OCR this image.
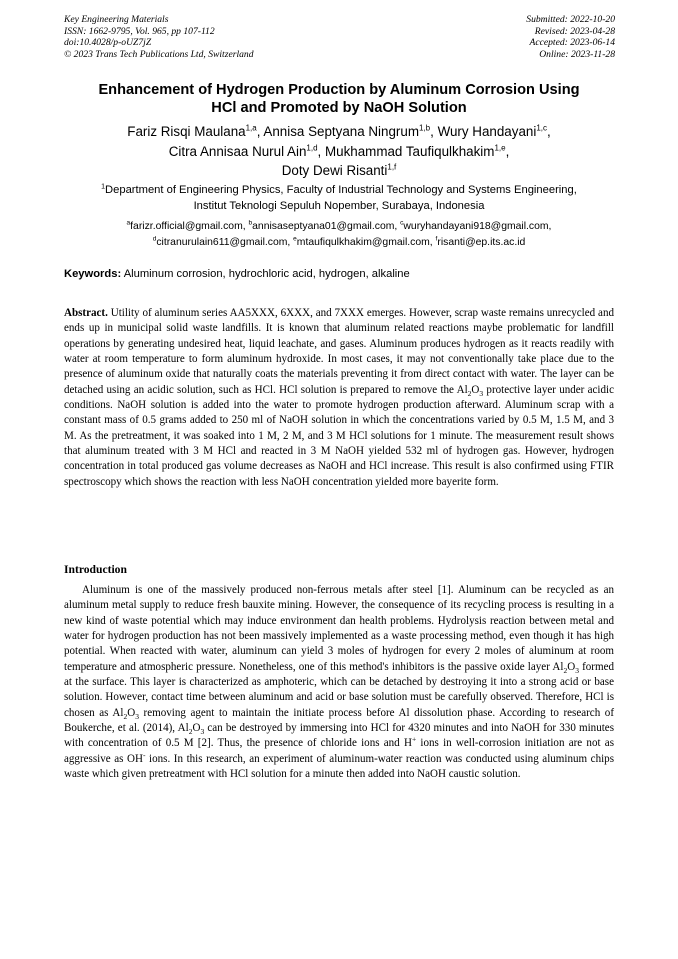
Key Engineering Materials
ISSN: 1662-9795, Vol. 965, pp 107-112
doi:10.4028/p-oUZ7jZ
© 2023 Trans Tech Publications Ltd, Switzerland
Submitted: 2022-10-20
Revised: 2023-04-28
Accepted: 2023-06-14
Online: 2023-11-28
Enhancement of Hydrogen Production by Aluminum Corrosion Using
HCl and Promoted by NaOH Solution
Fariz Risqi Maulana$^{1,a}$, Annisa Septyana Ningrum$^{1,b}$, Wury Handayani$^{1,c}$,
Citra Annisaa Nurul Ain$^{1,d}$, Mukhammad Taufiqulkhakim$^{1,e}$,
Doty Dewi Risanti$^{1,f}$
$^1$Department of Engineering Physics, Faculty of Industrial Technology and Systems Engineering,
Institut Teknologi Sepuluh Nopember, Surabaya, Indonesia
$^a$farizr.official@gmail.com, $^b$annisaseptyana01@gmail.com, $^c$wuryhandayani918@gmail.com,
$^d$citranurulain611@gmail.com, $^e$mtaufiqulkhakim@gmail.com, $^f$risanti@ep.its.ac.id
Keywords: Aluminum corrosion, hydrochloric acid, hydrogen, alkaline
Abstract. Utility of aluminum series AA5XXX, 6XXX, and 7XXX emerges. However, scrap waste remains unrecycled and ends up in municipal solid waste landfills. It is known that aluminum related reactions maybe problematic for landfill operations by generating undesired heat, liquid leachate, and gases. Aluminum produces hydrogen as it reacts readily with water at room temperature to form aluminum hydroxide. In most cases, it may not conventionally take place due to the presence of aluminum oxide that naturally coats the materials preventing it from direct contact with water. The layer can be detached using an acidic solution, such as HCl. HCl solution is prepared to remove the $Al_2O_3$ protective layer under acidic conditions. NaOH solution is added into the water to promote hydrogen production afterward. Aluminum scrap with a constant mass of 0.5 grams added to 250 ml of NaOH solution in which the concentrations varied by 0.5 M, 1.5 M, and 3 M. As the pretreatment, it was soaked into 1 M, 2 M, and 3 M HCl solutions for 1 minute. The measurement result shows that aluminum treated with 3 M HCl and reacted in 3 M NaOH yielded 532 ml of hydrogen gas. However, hydrogen concentration in total produced gas volume decreases as NaOH and HCl increase. This result is also confirmed using FTIR spectroscopy which shows the reaction with less NaOH concentration yielded more bayerite form.
Introduction
Aluminum is one of the massively produced non-ferrous metals after steel [1]. Aluminum can be recycled as an aluminum metal supply to reduce fresh bauxite mining. However, the consequence of its recycling process is resulting in a new kind of waste potential which may induce environment dan health problems. Hydrolysis reaction between metal and water for hydrogen production has not been massively implemented as a waste processing method, even though it has high potential. When reacted with water, aluminum can yield 3 moles of hydrogen for every 2 moles of aluminum at room temperature and atmospheric pressure. Nonetheless, one of this method's inhibitors is the passive oxide layer $Al_2O_3$ formed at the surface. This layer is characterized as amphoteric, which can be detached by destroying it into a strong acid or base solution. However, contact time between aluminum and acid or base solution must be carefully observed. Therefore, HCl is chosen as $Al_2O_3$ removing agent to maintain the initiate process before Al dissolution phase. According to research of Boukerche, et al. (2014), $Al_2O_3$ can be destroyed by immersing into HCl for 4320 minutes and into NaOH for 330 minutes with concentration of 0.5 M [2]. Thus, the presence of chloride ions and H+ ions in well-corrosion initiation are not as aggressive as OH- ions. In this research, an experiment of aluminum-water reaction was conducted using aluminum chips waste which given pretreatment with HCl solution for a minute then added into NaOH caustic solution.
